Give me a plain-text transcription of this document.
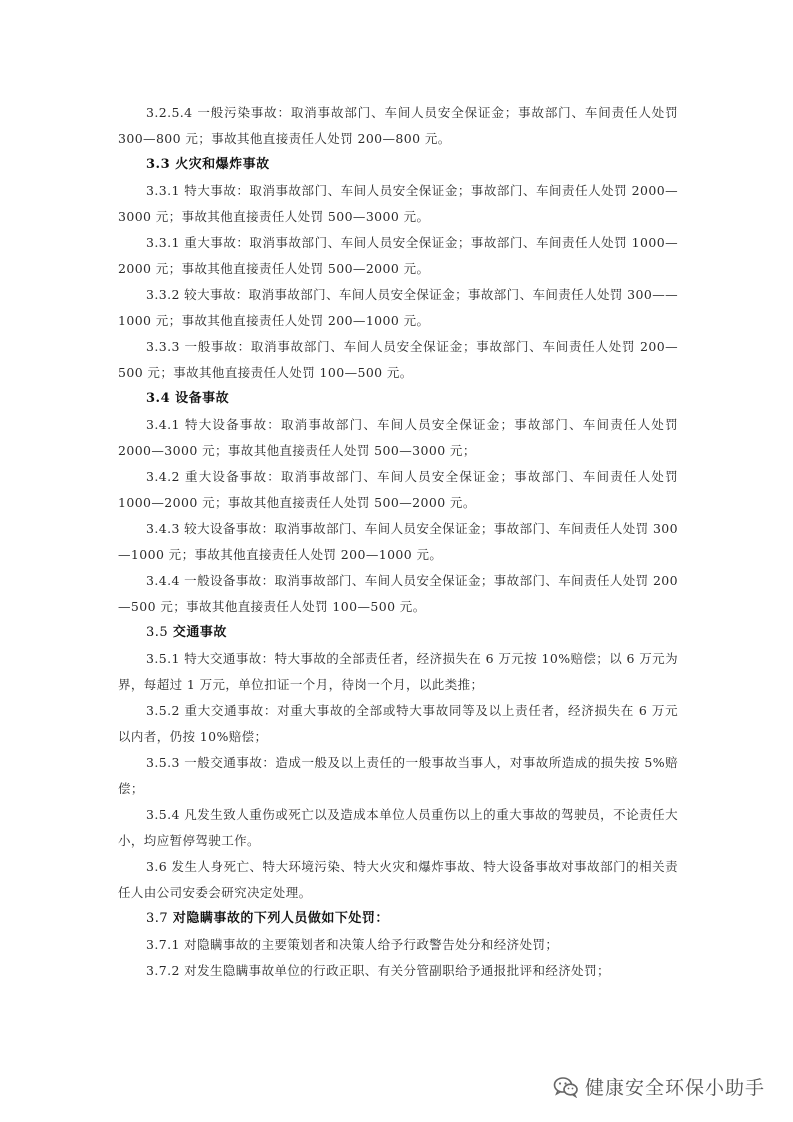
3.2.5.4 一般污染事故：取消事故部门、车间人员安全保证金；事故部门、车间责任人处罚300—800 元；事故其他直接责任人处罚 200—800 元。

3.3 火灾和爆炸事故

3.3.1 特大事故：取消事故部门、车间人员安全保证金；事故部门、车间责任人处罚 2000—3000 元；事故其他直接责任人处罚 500—3000 元。

3.3.1 重大事故：取消事故部门、车间人员安全保证金；事故部门、车间责任人处罚 1000—2000 元；事故其他直接责任人处罚 500—2000 元。

3.3.2 较大事故：取消事故部门、车间人员安全保证金；事故部门、车间责任人处罚 300——1000 元；事故其他直接责任人处罚 200—1000 元。

3.3.3 一般事故：取消事故部门、车间人员安全保证金；事故部门、车间责任人处罚 200—500 元；事故其他直接责任人处罚 100—500 元。

3.4 设备事故

3.4.1 特大设备事故：取消事故部门、车间人员安全保证金；事故部门、车间责任人处罚 2000—3000 元；事故其他直接责任人处罚 500—3000 元；

3.4.2 重大设备事故：取消事故部门、车间人员安全保证金；事故部门、车间责任人处罚 1000—2000 元；事故其他直接责任人处罚 500—2000 元。

3.4.3 较大设备事故：取消事故部门、车间人员安全保证金；事故部门、车间责任人处罚 300—1000 元；事故其他直接责任人处罚 200—1000 元。

3.4.4 一般设备事故：取消事故部门、车间人员安全保证金；事故部门、车间责任人处罚 200—500 元；事故其他直接责任人处罚 100—500 元。

3.5 交通事故

3.5.1 特大交通事故：特大事故的全部责任者，经济损失在 6 万元按 10%赔偿；以 6 万元为界，每超过 1 万元，单位扣证一个月，待岗一个月，以此类推；

3.5.2 重大交通事故：对重大事故的全部或特大事故同等及以上责任者，经济损失在 6 万元以内者，仍按 10%赔偿；

3.5.3 一般交通事故：造成一般及以上责任的一般事故当事人，对事故所造成的损失按 5%赔偿；

3.5.4 凡发生致人重伤或死亡以及造成本单位人员重伤以上的重大事故的驾驶员，不论责任大小，均应暂停驾驶工作。

3.6 发生人身死亡、特大环境污染、特大火灾和爆炸事故、特大设备事故对事故部门的相关责任人由公司安委会研究决定处理。

3.7 对隐瞒事故的下列人员做如下处罚：

3.7.1 对隐瞒事故的主要策划者和决策人给予行政警告处分和经济处罚；

3.7.2 对发生隐瞒事故单位的行政正职、有关分管副职给予通报批评和经济处罚；

健康安全环保小助手
